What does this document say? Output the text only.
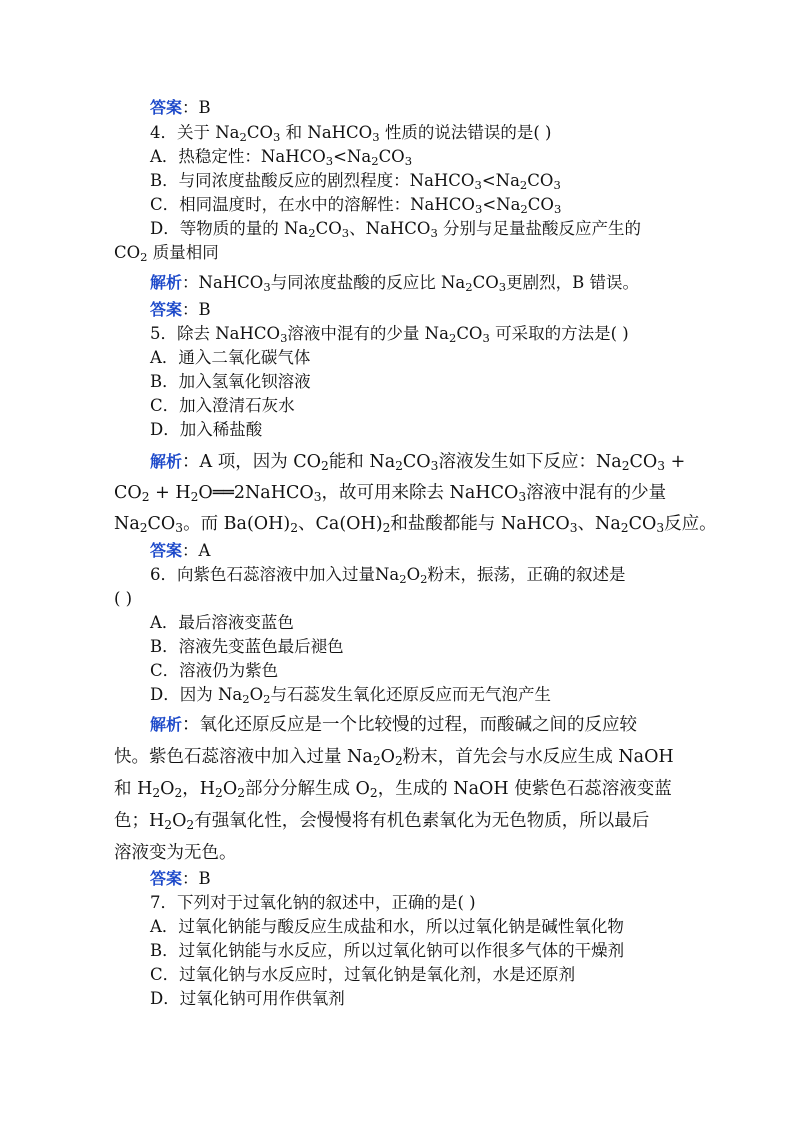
答案：B
4．关于 $Na_2CO_3$ 和 NaHCO$_3$ 性质的说法错误的是( )
A．热稳定性：$NaHCO_3<Na_2CO_3$
B．与同浓度盐酸反应的剧烈程度：$NaHCO_3<Na_2CO_3$
C．相同温度时，在水中的溶解性：$NaHCO_3<Na_2CO_3$
D．等物质的量的 $Na_2CO_3$、NaHCO$_3$ 分别与足量盐酸反应产生的
$CO_2$ 质量相同
解析：NaHCO$_3$与同浓度盐酸的反应比 $Na_2CO_3$更剧烈，B 错误。
答案：B
5．除去 NaHCO$_3$溶液中混有的少量 $Na_2CO_3$ 可采取的方法是( )
A．通入二氧化碳气体
B．加入氢氧化钡溶液
C．加入澄清石灰水
D．加入稀盐酸
解析：A 项，因为 $CO_2$能和 $Na_2CO_3$溶液发生如下反应：$Na_2CO_3$ +
$CO_2$ + $H_2O══2NaHCO_3$，故可用来除去 NaHCO$_3$溶液中混有的少量
$Na_2CO_3$。而 $Ba(OH)_2$、$Ca(OH)_2$和盐酸都能与 NaHCO$_3$、$Na_2CO_3$反应。
答案：A
6．向紫色石蕊溶液中加入过量$Na_2O_2$粉末，振荡，正确的叙述是
( )
A．最后溶液变蓝色
B．溶液先变蓝色最后褪色
C．溶液仍为紫色
D．因为 $Na_2O_2$与石蕊发生氧化还原反应而无气泡产生
解析：氧化还原反应是一个比较慢的过程，而酸碱之间的反应较
快。紫色石蕊溶液中加入过量 $Na_2O_2$粉末，首先会与水反应生成 NaOH
和 $H_2O_2$，$H_2O_2$部分分解生成 $O_2$，生成的 NaOH 使紫色石蕊溶液变蓝
色；$H_2O_2$有强氧化性，会慢慢将有机色素氧化为无色物质，所以最后
溶液变为无色。
答案：B
7．下列对于过氧化钠的叙述中，正确的是( )
A．过氧化钠能与酸反应生成盐和水，所以过氧化钠是碱性氧化物
B．过氧化钠能与水反应，所以过氧化钠可以作很多气体的干燥剂
C．过氧化钠与水反应时，过氧化钠是氧化剂，水是还原剂
D．过氧化钠可用作供氧剂
